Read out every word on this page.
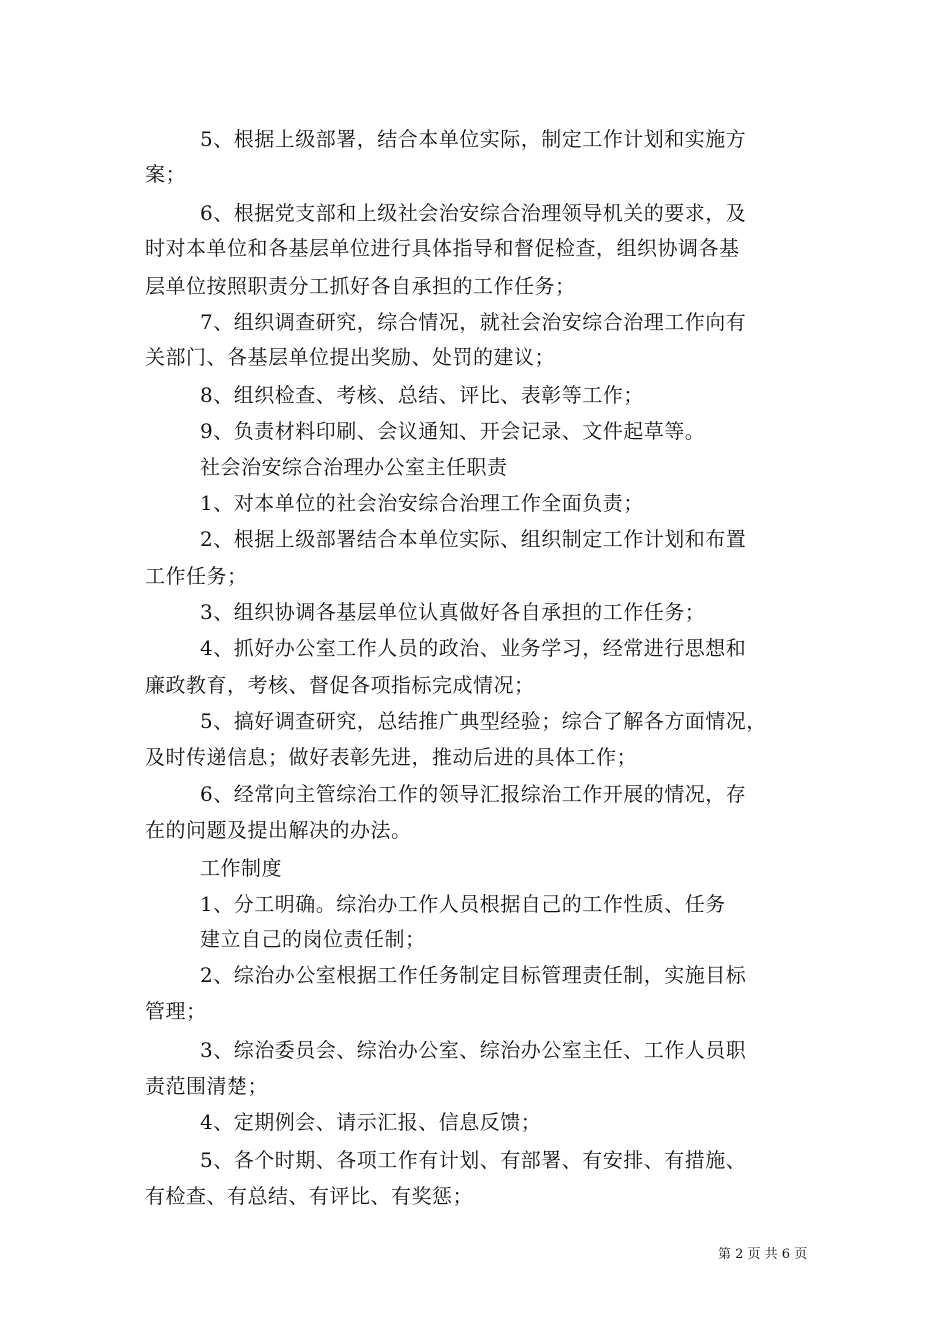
5、根据上级部署，结合本单位实际，制定工作计划和实施方
案；
6、根据党支部和上级社会治安综合治理领导机关的要求，及
时对本单位和各基层单位进行具体指导和督促检查，组织协调各基
层单位按照职责分工抓好各自承担的工作任务；
7、组织调查研究，综合情况，就社会治安综合治理工作向有
关部门、各基层单位提出奖励、处罚的建议；
8、组织检查、考核、总结、评比、表彰等工作；
9、负责材料印刷、会议通知、开会记录、文件起草等。
社会治安综合治理办公室主任职责
1、对本单位的社会治安综合治理工作全面负责；
2、根据上级部署结合本单位实际、组织制定工作计划和布置
工作任务；
3、组织协调各基层单位认真做好各自承担的工作任务；
4、抓好办公室工作人员的政治、业务学习，经常进行思想和
廉政教育，考核、督促各项指标完成情况；
5、搞好调查研究，总结推广典型经验；综合了解各方面情况，
及时传递信息；做好表彰先进，推动后进的具体工作；
6、经常向主管综治工作的领导汇报综治工作开展的情况，存
在的问题及提出解决的办法。
工作制度
1、分工明确。综治办工作人员根据自己的工作性质、任务
建立自己的岗位责任制；
2、综治办公室根据工作任务制定目标管理责任制，实施目标
管理；
3、综治委员会、综治办公室、综治办公室主任、工作人员职
责范围清楚；
4、定期例会、请示汇报、信息反馈；
5、各个时期、各项工作有计划、有部署、有安排、有措施、
有检查、有总结、有评比、有奖惩；
第 2 页 共 6 页
